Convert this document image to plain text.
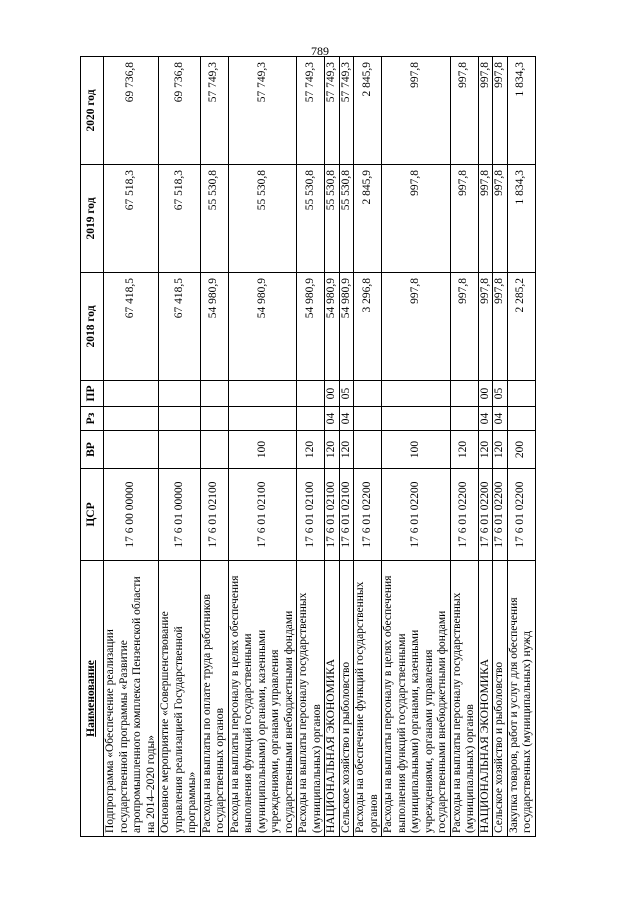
789
Наименование	ЦСР	ВР	Рз	ПР	2018 год	2019 год	2020 год
Подпрограмма «Обеспечение реализации государственной программы «Развитие агропромышленного комплекса Пензенской области на 2014–2020 годы»	17 6 00 00000				67 418,5	67 518,3	69 736,8
Основное мероприятие «Совершенствование управления реализацией Государственной программы»	17 6 01 00000				67 418,5	67 518,3	69 736,8
Расходы на выплаты по оплате труда работников государственных органов	17 6 01 02100				54 980,9	55 530,8	57 749,3
Расходы на выплаты персоналу в целях обеспечения выполнения функций государственными (муниципальными) органами, казенными учреждениями, органами управления государственными внебюджетными фондами	17 6 01 02100	100			54 980,9	55 530,8	57 749,3
Расходы на выплаты персоналу государственных (муниципальных) органов	17 6 01 02100	120			54 980,9	55 530,8	57 749,3
НАЦИОНАЛЬНАЯ ЭКОНОМИКА	17 6 01 02100	120	04	00	54 980,9	55 530,8	57 749,3
Сельское хозяйство и рыболовство	17 6 01 02100	120	04	05	54 980,9	55 530,8	57 749,3
Расходы на обеспечение функций государственных органов	17 6 01 02200				3 296,8	2 845,9	2 845,9
Расходы на выплаты персоналу в целях обеспечения выполнения функций государственными (муниципальными) органами, казенными учреждениями, органами управления государственными внебюджетными фондами	17 6 01 02200	100			997,8	997,8	997,8
Расходы на выплаты персоналу государственных (муниципальных) органов	17 6 01 02200	120			997,8	997,8	997,8
НАЦИОНАЛЬНАЯ ЭКОНОМИКА	17 6 01 02200	120	04	00	997,8	997,8	997,8
Сельское хозяйство и рыболовство	17 6 01 02200	120	04	05	997,8	997,8	997,8
Закупка товаров, работ и услуг для обеспечения государственных (муниципальных) нужд	17 6 01 02200	200			2 285,2	1 834,3	1 834,3
